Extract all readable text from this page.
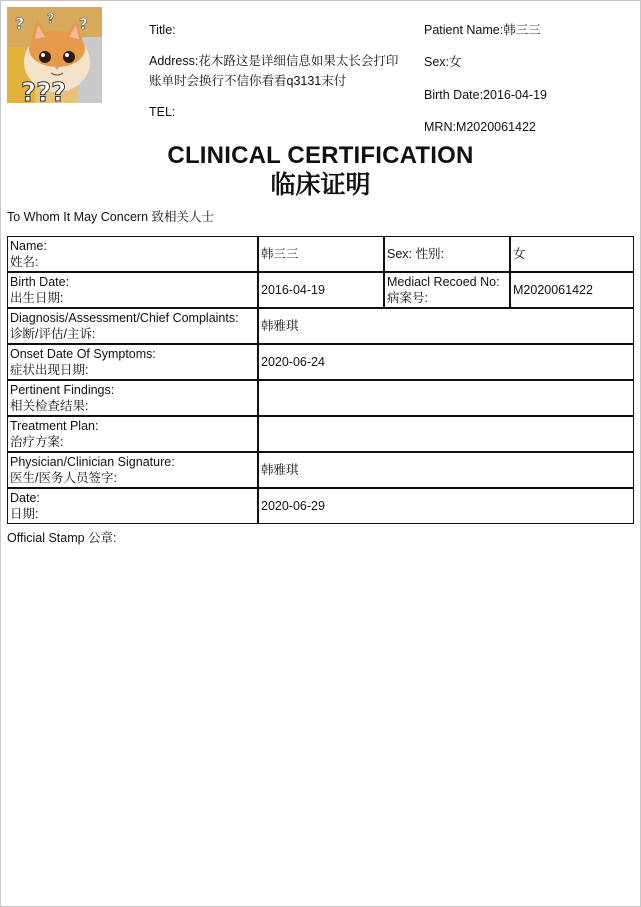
? ? ?
???
Title:
Address:花木路这是详细信息如果太长会打印账单时会换行不信你看看q3131末付
TEL:
Patient Name:韩三三
Sex:女
Birth Date:2016-04-19
MRN:M2020061422
CLINICAL CERTIFICATION
临床证明
To Whom It May Concern 致相关人士
Name:
姓名:	韩三三	Sex: 性别:	女
Birth Date:
出生日期:	2016-04-19	Mediacl Recoed No:
病案号:	M2020061422
Diagnosis/Assessment/Chief Complaints:
诊断/评估/主诉:	韩雅琪		
Onset Date Of Symptoms:
症状出现日期:	2020-06-24		
Pertinent Findings:
相关检查结果:			
Treatment Plan:
治疗方案:			
Physician/Clinician Signature:
医生/医务人员签字:	韩雅琪		
Date:
日期:	2020-06-29		
Official Stamp 公章:
